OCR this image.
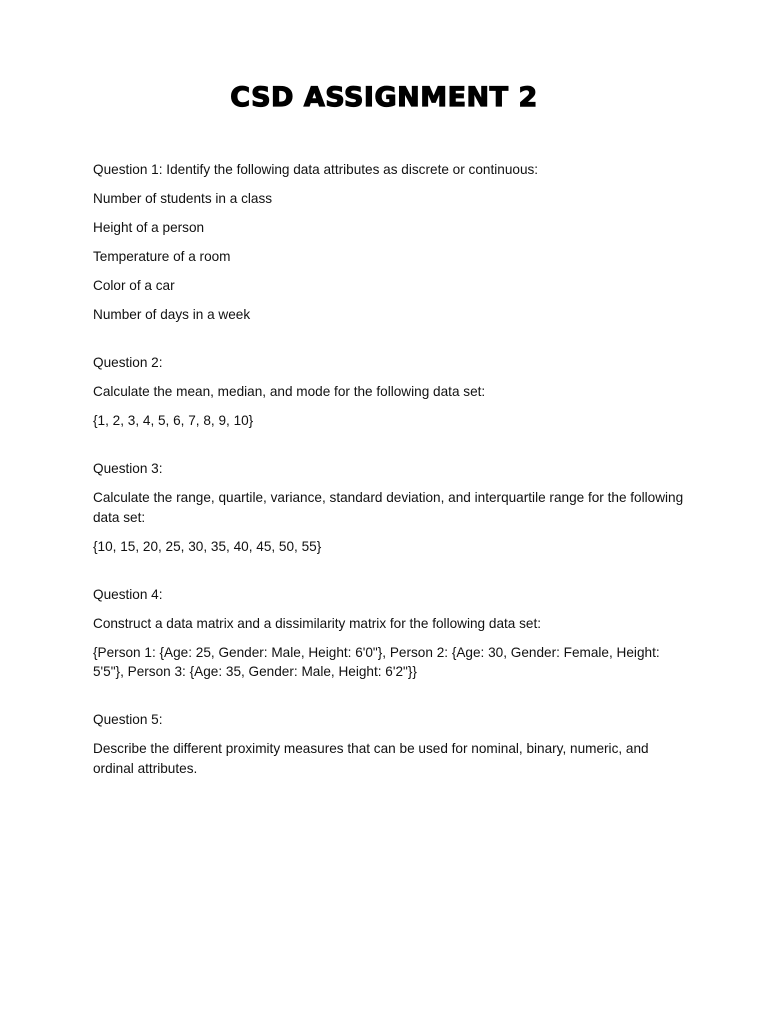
CSD ASSIGNMENT 2
Question 1: Identify the following data attributes as discrete or continuous:
Number of students in a class
Height of a person
Temperature of a room
Color of a car
Number of days in a week
Question 2:
Calculate the mean, median, and mode for the following data set:
{1, 2, 3, 4, 5, 6, 7, 8, 9, 10}
Question 3:
Calculate the range, quartile, variance, standard deviation, and interquartile range for the following data set:
{10, 15, 20, 25, 30, 35, 40, 45, 50, 55}
Question 4:
Construct a data matrix and a dissimilarity matrix for the following data set:
{Person 1: {Age: 25, Gender: Male, Height: 6'0"}, Person 2: {Age: 30, Gender: Female, Height: 5'5"}, Person 3: {Age: 35, Gender: Male, Height: 6'2"}}
Question 5:
Describe the different proximity measures that can be used for nominal, binary, numeric, and ordinal attributes.
